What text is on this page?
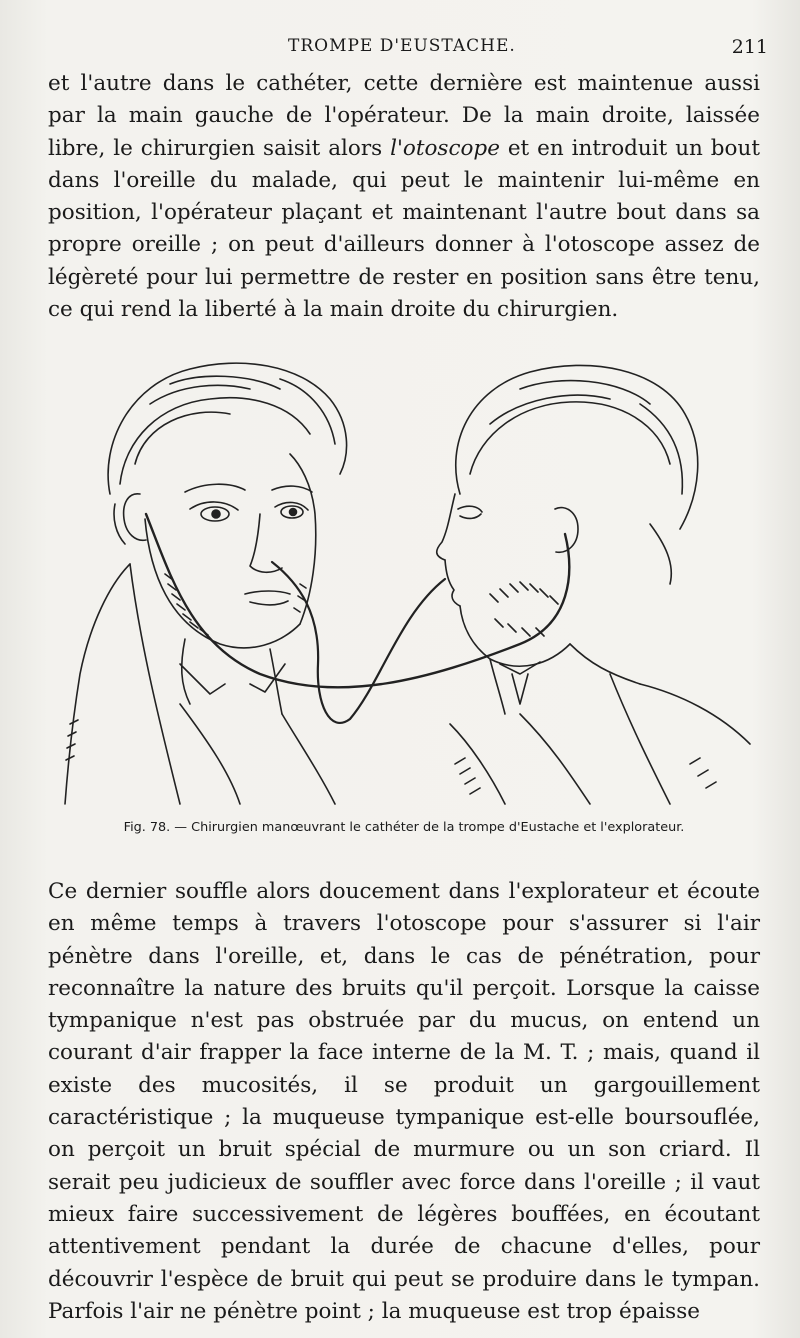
TROMPE D'EUSTACHE.	211

et l'autre dans le cathéter, cette dernière est maintenue aussi par la main gauche de l'opérateur. De la main droite, laissée libre, le chirurgien saisit alors l'otoscope et en introduit un bout dans l'oreille du malade, qui peut le maintenir lui-même en position, l'opérateur plaçant et maintenant l'autre bout dans sa propre oreille ; on peut d'ailleurs donner à l'otoscope assez de légèreté pour lui permettre de rester en position sans être tenu, ce qui rend la liberté à la main droite du chirurgien.

Fig. 78. — Chirurgien manœuvrant le cathéter de la trompe d'Eustache et l'explorateur.

Ce dernier souffle alors doucement dans l'explorateur et écoute en même temps à travers l'otoscope pour s'assurer si l'air pénètre dans l'oreille, et, dans le cas de pénétration, pour reconnaître la nature des bruits qu'il perçoit. Lorsque la caisse tympanique n'est pas obstruée par du mucus, on entend un courant d'air frapper la face interne de la M. T. ; mais, quand il existe des mucosités, il se produit un gargouillement caractéristique ; la muqueuse tympanique est-elle boursouflée, on perçoit un bruit spécial de murmure ou un son criard. Il serait peu judicieux de souffler avec force dans l'oreille ; il vaut mieux faire successivement de légères bouffées, en écoutant attentivement pendant la durée de chacune d'elles, pour découvrir l'espèce de bruit qui peut se produire dans le tympan. Parfois l'air ne pénètre point ; la muqueuse est trop épaisse
